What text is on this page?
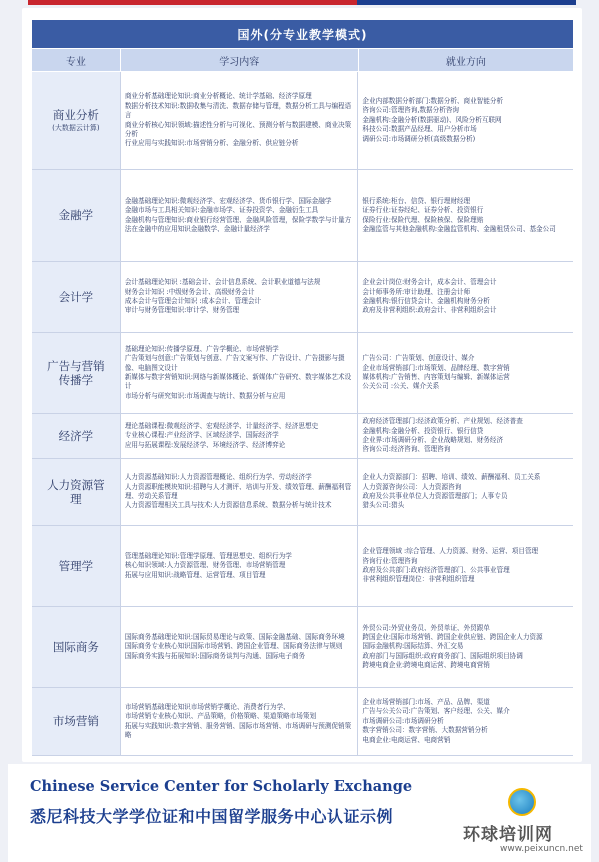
国外(分专业教学模式)
专业	学习内容	就业方向
商业分析
(大数据云计算)
商业分析基础理论知识:商业分析概论、统计学基础、经济学原理
数据分析技术知识:数据收集与清洗、数据存储与管理，数据分析工具与编程语言
商业分析核心知识领域:描述性分析与可视化、预测分析与数据建模、商业决策分析
行业应用与实践知识:市场营销分析、金融分析、供应链分析
企业内部数据分析部门:数据分析、商业智能分析
咨询公司:管理咨询,数据分析咨询
金融机构:金融分析(数据驱动)、风险分析互联网
科技公司:数据产品经理、用户分析市场
调研公司:市场调研分析(高级数据分析)
金融学
金融基础理论知识:微观经济学、宏观经济学、货币银行学、国际金融学
金融市场与工具相关知识:金融市场学、证券投资学、金融衍生工具
金融机构与管理知识:商业银行经营管理、金融风险管理，保险学数学与计量方法在金融中的应用知识金融数学、金融计量经济学
银行系统:柜台、信贷、银行理财经理
证券行业:证券经纪、证券分析、投资银行
保险行业:保险代理、保险核保、保险理赔
金融监管与其他金融机构:金融监管机构、金融租赁公司、基金公司
会计学
会计基础理论知识 :基础会计、会计信息系统、会计职业道德与法规
财务会计知识 :中级财务会计、高级财务会计
成本会计与管理会计知识 :成本会计、管理会计
审计与财务管理知识:审计学、财务管理
企业会计岗位:财务会计，成本会计、管理会计
会计师事务所:审计助理、注册会计师
金融机构:银行信贷会计、金融机构财务分析
政府及非营利组织:政府会计、非营利组织会计
广告与营销传播学
基础理论知识:传播学原理、广告学概论、市场营销学
广告策划与创意:广告策划与创意、广告文案写作、广告设计、广告摄影与摄像、电脑图文设计
新媒体与数字营销知识:网络与新媒体概论、新媒体广告研究、数字媒体艺术设计
市场分析与研究知识:市场调查与统计、数据分析与应用
广告公司：广告策划、创意设计、媒介
企业市场营销部门:市场策划、品牌经理、数字营销
媒体机构:广告销售、内容策划与编辑、新媒体运营
公关公司 :公关、媒介关系
经济学
理论基础课程:微观经济学、宏观经济学、计量经济学、经济思想史
专业核心课程:产业经济学、区域经济学、国际经济学
应用与拓展课程:发展经济学、环境经济学、经济博弈论
政府经济管理部门:经济政策分析、产业规划、经济普查
金融机构:金融分析、投资银行、银行信贷
企业界:市场调研分析、企业战略规划、财务经济
咨询公司:经济咨询、管理咨询
人力资源管理
人力资源基础知识:人力资源管理概论、组织行为学、劳动经济学
人力资源职能模块知识:招聘与人才测评、培训与开发、绩效管理、薪酬福利管理、劳动关系管理
人力资源管理相关工具与技术:人力资源信息系统、数据分析与统计技术
企业人力资源部门：招聘、培训、绩效、薪酬福利、员工关系
人力资源咨询公司：人力资源咨询
政府及公共事业单位人力资源管理部门；人事专员
猎头公司:猎头
管理学
管理基础理论知识:管理学原理、管理思想史、组织行为学
核心知识领域:人力资源管理、财务管理、市场营销管理
拓展与应用知识:战略管理、运营管理、项目管理
企业管理领域 :综合管理、人力资源、财务、运营、项目管理
咨询行业:管理咨询
政府及公共部门:政府经济管理部门、公共事业管理
非营利组织管理岗位：非营利组织管理
国际商务
国际商务基础理论知识:国际贸易理论与政策、国际金融基础、国际商务环境
国际商务专业核心知识国际市场营销、跨国企业管理、国际商务法律与规则
国际商务实践与拓展知识:国际商务谈判与沟通、国际电子商务
外贸公司:外贸业务员、外贸单证、外贸跟单
跨国企业:国际市场营销、跨国企业供应链、跨国企业人力资源
国际金融机构:国际结算、外汇交易
政府部门与国际组织:政府商务部门、国际组织项目协调
跨境电商企业:跨境电商运营、跨境电商营销
市场营销
市场营销基础理论知识市场营销学概论、消费者行为学、
市场营销专业核心知识、产品策略，价格策略、渠道策略市场策划
拓展与实践知识:数字营销、服务营销、国际市场营销、市场调研与预测促销策略
企业市场营销部门:市场、产品、品牌、渠道
广告与公关公司:广告策划、客户经理、公关、媒介
市场调研公司:市场调研分析
数字营销公司：数字营销、大数据营销分析
电商企业:电商运营、电商营销
Chinese Service Center for Scholarly Exchange
悉尼科技大学学位证和中国留学服务中心认证示例
环球培训网
www.peixuncn.net
